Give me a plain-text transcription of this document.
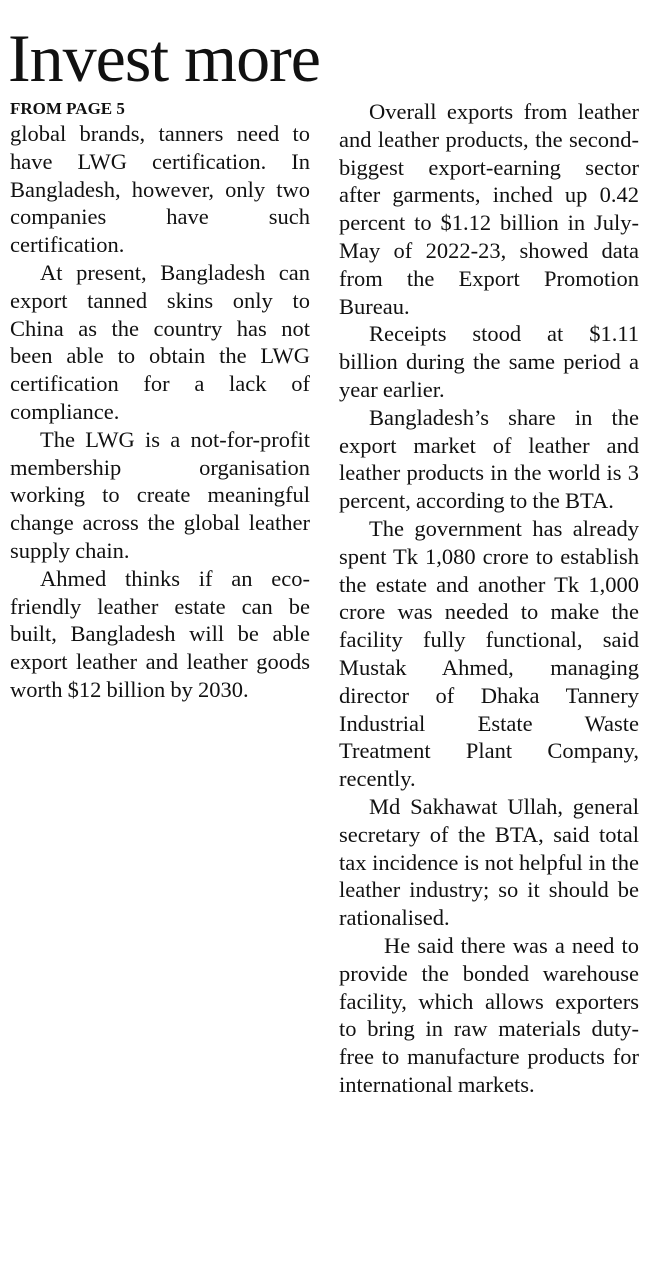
Invest more

FROM PAGE 5

global brands, tanners need to have LWG certification. In Bangladesh, however, only two companies have such certification.

At present, Bangladesh can export tanned skins only to China as the country has not been able to obtain the LWG certification for a lack of compliance.

The LWG is a not-for-profit membership organisation working to create meaningful change across the global leather supply chain.

Ahmed thinks if an eco-friendly leather estate can be built, Bangladesh will be able export leather and leather goods worth $12 billion by 2030.

Overall exports from leather and leather products, the second-biggest export-earning sector after garments, inched up 0.42 percent to $1.12 billion in July-May of 2022-23, showed data from the Export Promotion Bureau.

Receipts stood at $1.11 billion during the same period a year earlier.

Bangladesh’s share in the export market of leather and leather products in the world is 3 percent, according to the BTA.

The government has already spent Tk 1,080 crore to establish the estate and another Tk 1,000 crore was needed to make the facility fully functional, said Mustak Ahmed, managing director of Dhaka Tannery Industrial Estate Waste Treatment Plant Company, recently.

Md Sakhawat Ullah, general secretary of the BTA, said total tax incidence is not helpful in the leather industry; so it should be rationalised.

He said there was a need to provide the bonded warehouse facility, which allows exporters to bring in raw materials duty-free to manufacture products for international markets.
